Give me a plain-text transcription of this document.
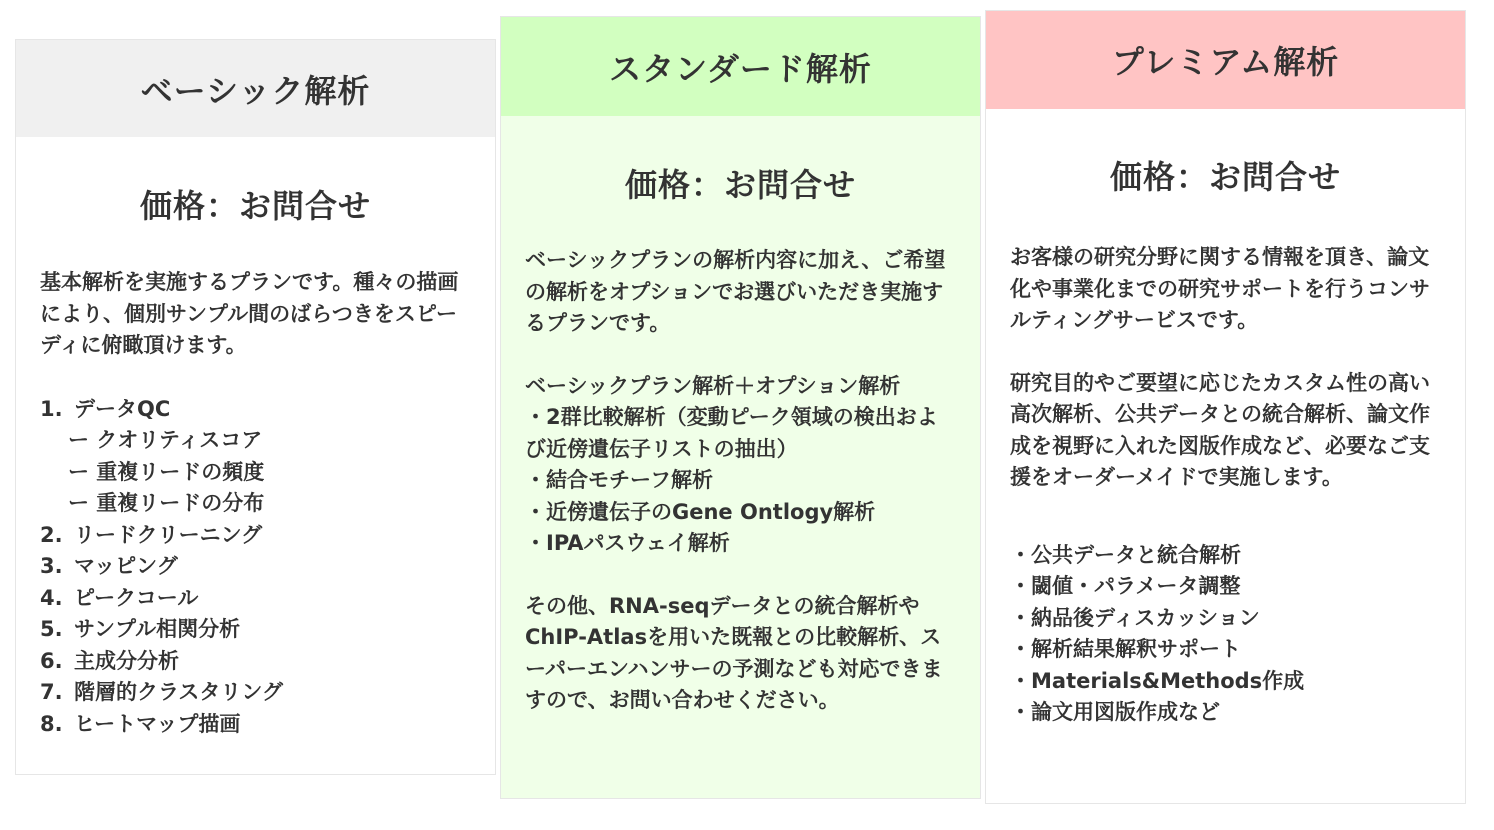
ベーシック解析
価格：お問合せ
基本解析を実施するプランです。種々の描画により、個別サンプル間のばらつきをスピーディに俯瞰頂けます。
1. データQC
ー クオリティスコア
ー 重複リードの頻度
ー 重複リードの分布
2. リードクリーニング
3. マッピング
4. ピークコール
5. サンプル相関分析
6. 主成分分析
7. 階層的クラスタリング
8. ヒートマップ描画
スタンダード解析
価格：お問合せ
ベーシックプランの解析内容に加え、ご希望の解析をオプションでお選びいただき実施するプランです。
ベーシックプラン解析＋オプション解析
・2群比較解析（変動ピーク領域の検出および近傍遺伝子リストの抽出）
・結合モチーフ解析
・近傍遺伝子のGene Ontlogy解析
・IPAパスウェイ解析
その他、RNA-seqデータとの統合解析やChIP-Atlasを用いた既報との比較解析、スーパーエンハンサーの予測なども対応できますので、お問い合わせください。
プレミアム解析
価格：お問合せ
お客様の研究分野に関する情報を頂き、論文化や事業化までの研究サポートを行うコンサルティングサービスです。
研究目的やご要望に応じたカスタム性の高い高次解析、公共データとの統合解析、論文作成を視野に入れた図版作成など、必要なご支援をオーダーメイドで実施します。
・公共データと統合解析
・閾値・パラメータ調整
・納品後ディスカッション
・解析結果解釈サポート
・Materials&Methods作成
・論文用図版作成など
